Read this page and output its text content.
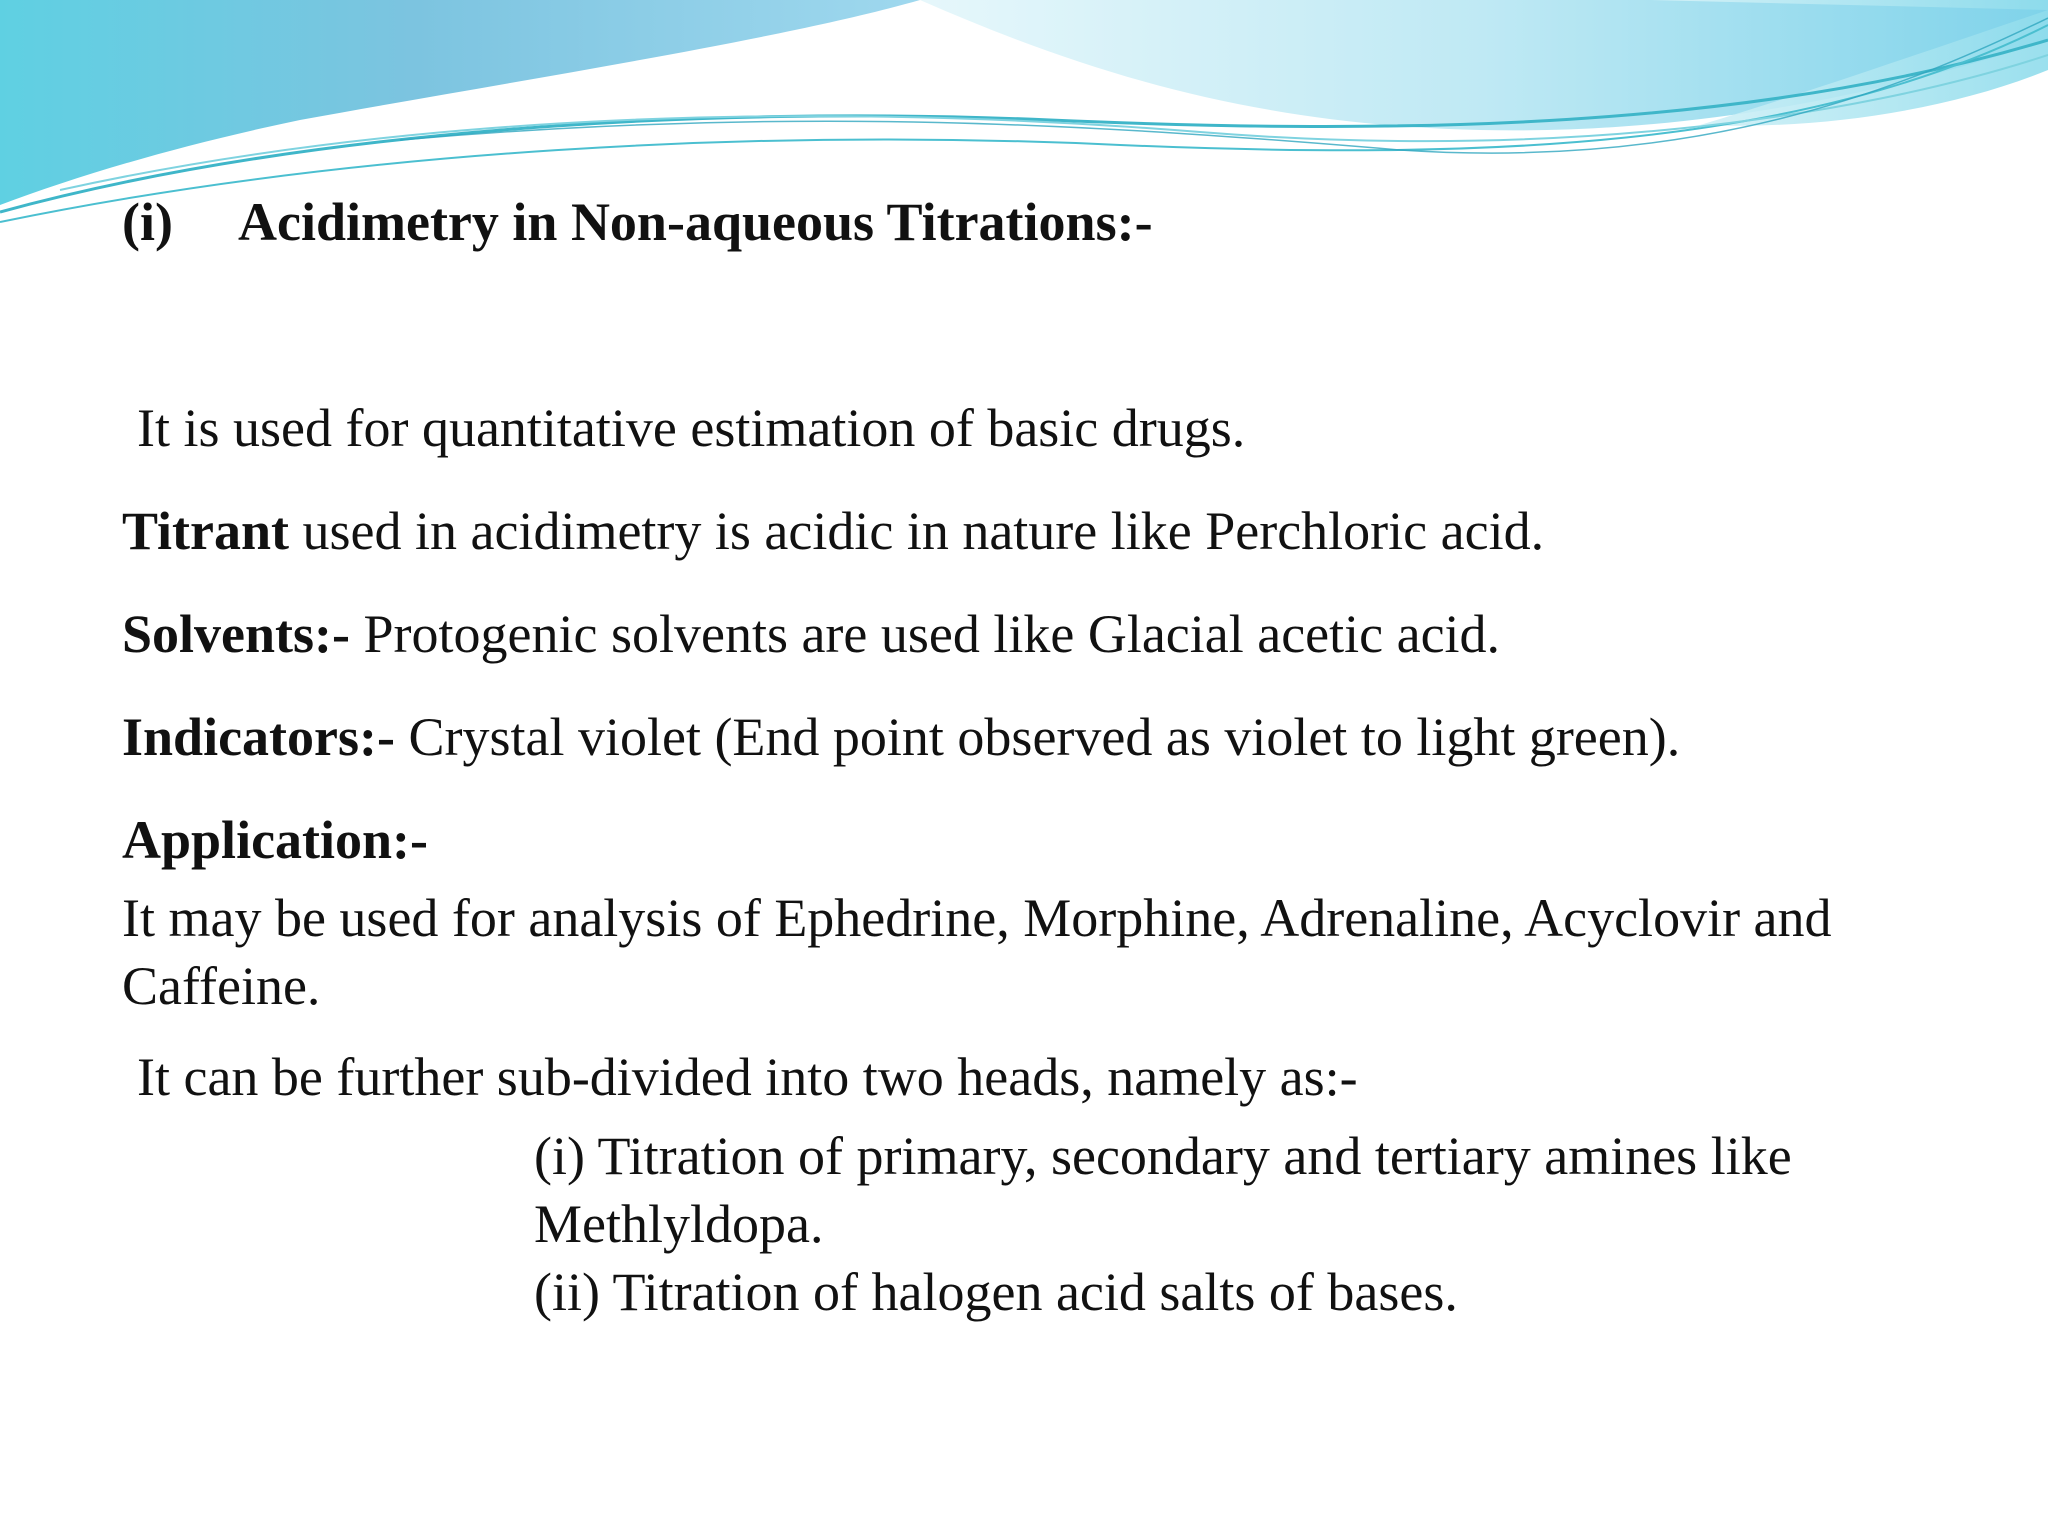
(i) Acidimetry in Non-aqueous Titrations:-

It is used for quantitative estimation of basic drugs.

Titrant used in acidimetry is acidic in nature like Perchloric acid.

Solvents:- Protogenic solvents are used like Glacial acetic acid.

Indicators:- Crystal violet (End point observed as violet to light green).

Application:-

It may be used for analysis of Ephedrine, Morphine, Adrenaline, Acyclovir and Caffeine.

It can be further sub-divided into two heads, namely as:-

(i) Titration of primary, secondary and tertiary amines like Methlyldopa.

(ii) Titration of halogen acid salts of bases.
